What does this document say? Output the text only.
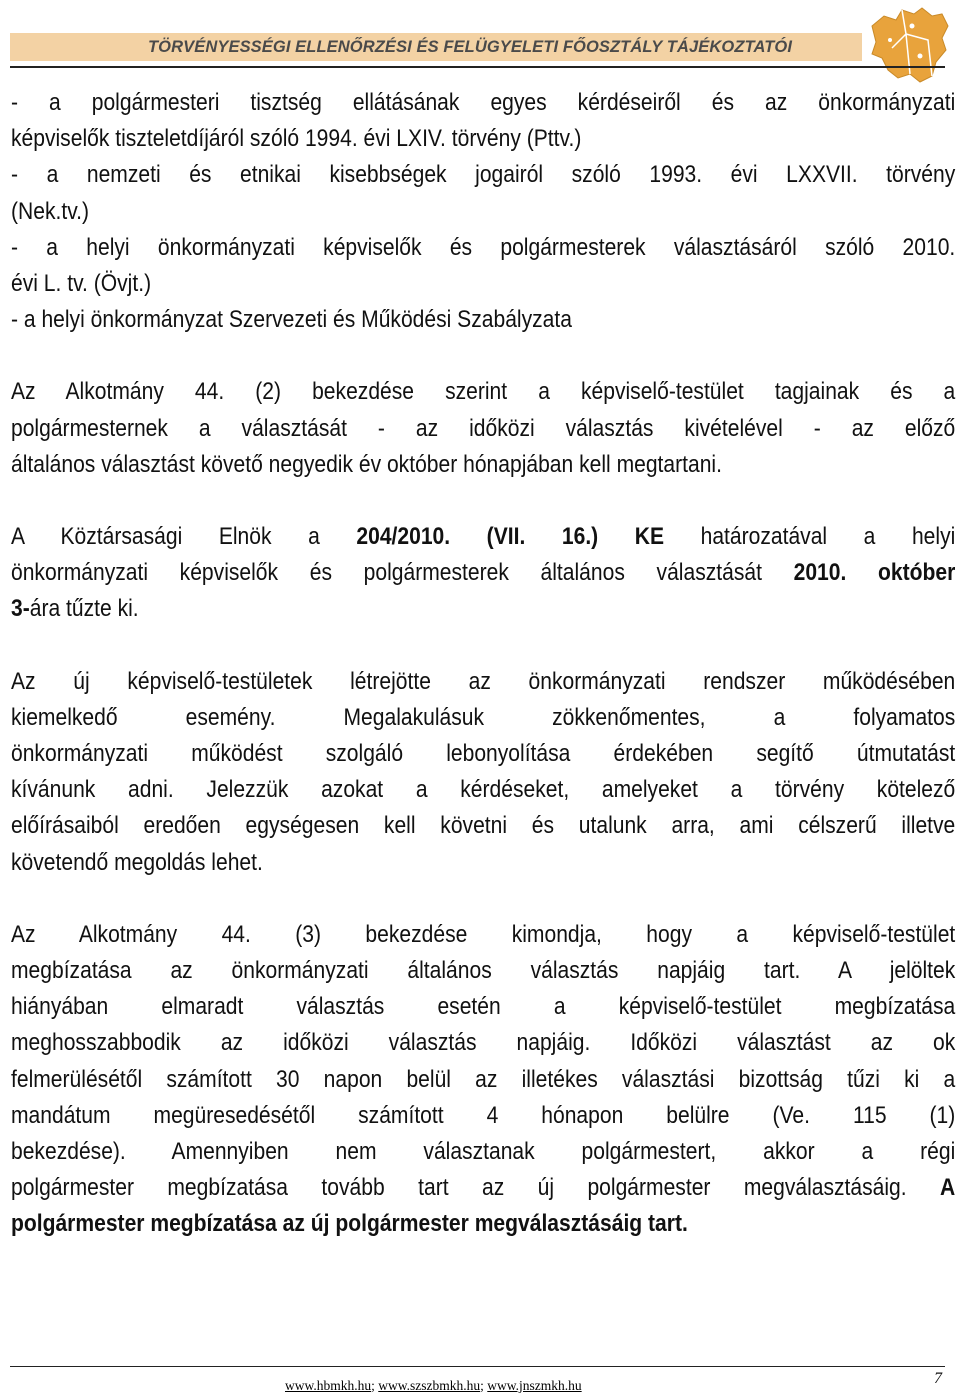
TÖRVÉNYESSÉGI ELLENŐRZÉSI ÉS FELÜGYELETI FŐOSZTÁLY TÁJÉKOZTATÓI

- a polgármesteri tisztség ellátásának egyes kérdéseiről és az önkormányzati

képviselők tiszteletdíjáról szóló 1994. évi LXIV. törvény (Pttv.)

- a nemzeti és etnikai kisebbségek jogairól szóló 1993. évi LXXVII. törvény

(Nek.tv.)

- a helyi önkormányzati képviselők és polgármesterek választásáról szóló 2010.

évi L. tv. (Övjt.)

- a helyi önkormányzat Szervezeti és Működési Szabályzata

Az Alkotmány 44. (2) bekezdése szerint a képviselő-testület tagjainak és a

polgármesternek a választását - az időközi választás kivételével - az előző

általános választást követő negyedik év október hónapjában kell megtartani.

A Köztársasági Elnök a 204/2010. (VII. 16.) KE határozatával a helyi

önkormányzati képviselők és polgármesterek általános választását 2010. október

3-ára tűzte ki.

Az új képviselő-testületek létrejötte az önkormányzati rendszer működésében

kiemelkedő esemény. Megalakulásuk zökkenőmentes, a folyamatos

önkormányzati működést szolgáló lebonyolítása érdekében segítő útmutatást

kívánunk adni. Jelezzük azokat a kérdéseket, amelyeket a törvény kötelező

előírásaiból eredően egységesen kell követni és utalunk arra, ami célszerű illetve

követendő megoldás lehet.

Az Alkotmány 44. (3) bekezdése kimondja, hogy a képviselő-testület

megbízatása az önkormányzati általános választás napjáig tart. A jelöltek

hiányában elmaradt választás esetén a képviselő-testület megbízatása

meghosszabbodik az időközi választás napjáig. Időközi választást az ok

felmerülésétől számított 30 napon belül az illetékes választási bizottság tűzi ki a

mandátum megüresedésétől számított 4 hónapon belülre (Ve. 115 (1)

bekezdése). Amennyiben nem választanak polgármestert, akkor a régi

polgármester megbízatása tovább tart az új polgármester megválasztásáig. A

polgármester megbízatása az új polgármester megválasztásáig tart.

www.hbmkh.hu; www.szszbmkh.hu; www.jnszmkh.hu	7
